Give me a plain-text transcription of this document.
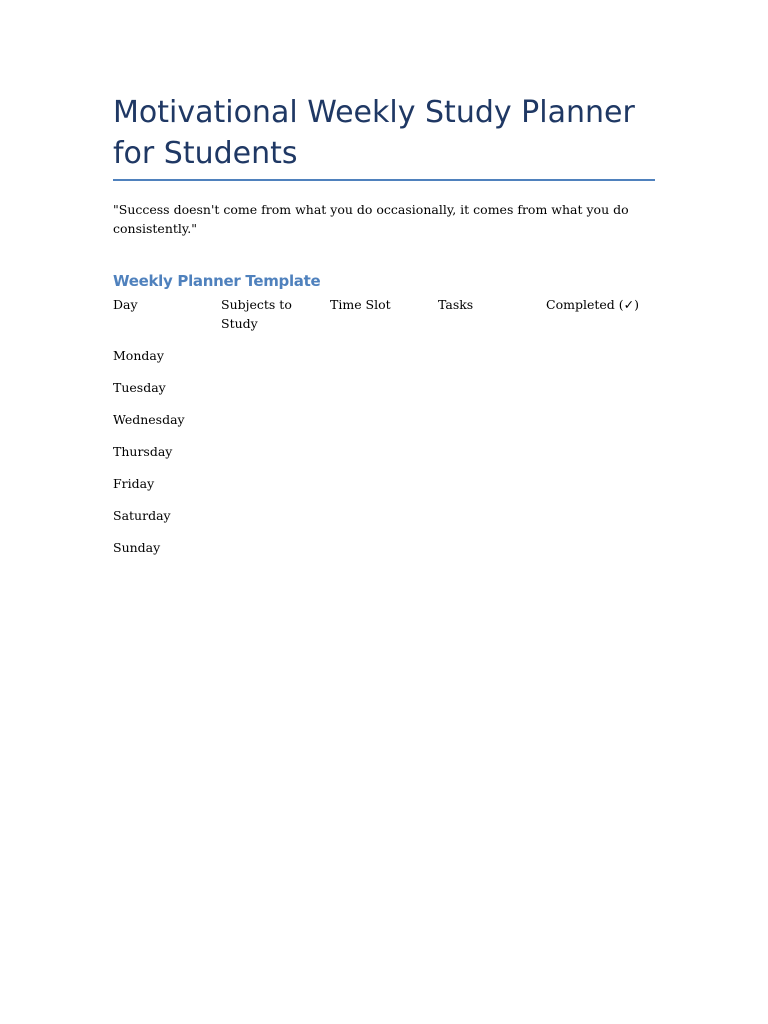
Motivational Weekly Study Planner for Students

"Success doesn't come from what you do occasionally, it comes from what you do consistently."

Weekly Planner Template
Day	Subjects to Study	Time Slot	Tasks	Completed (✓)
Monday				
Tuesday				
Wednesday				
Thursday				
Friday				
Saturday				
Sunday				
